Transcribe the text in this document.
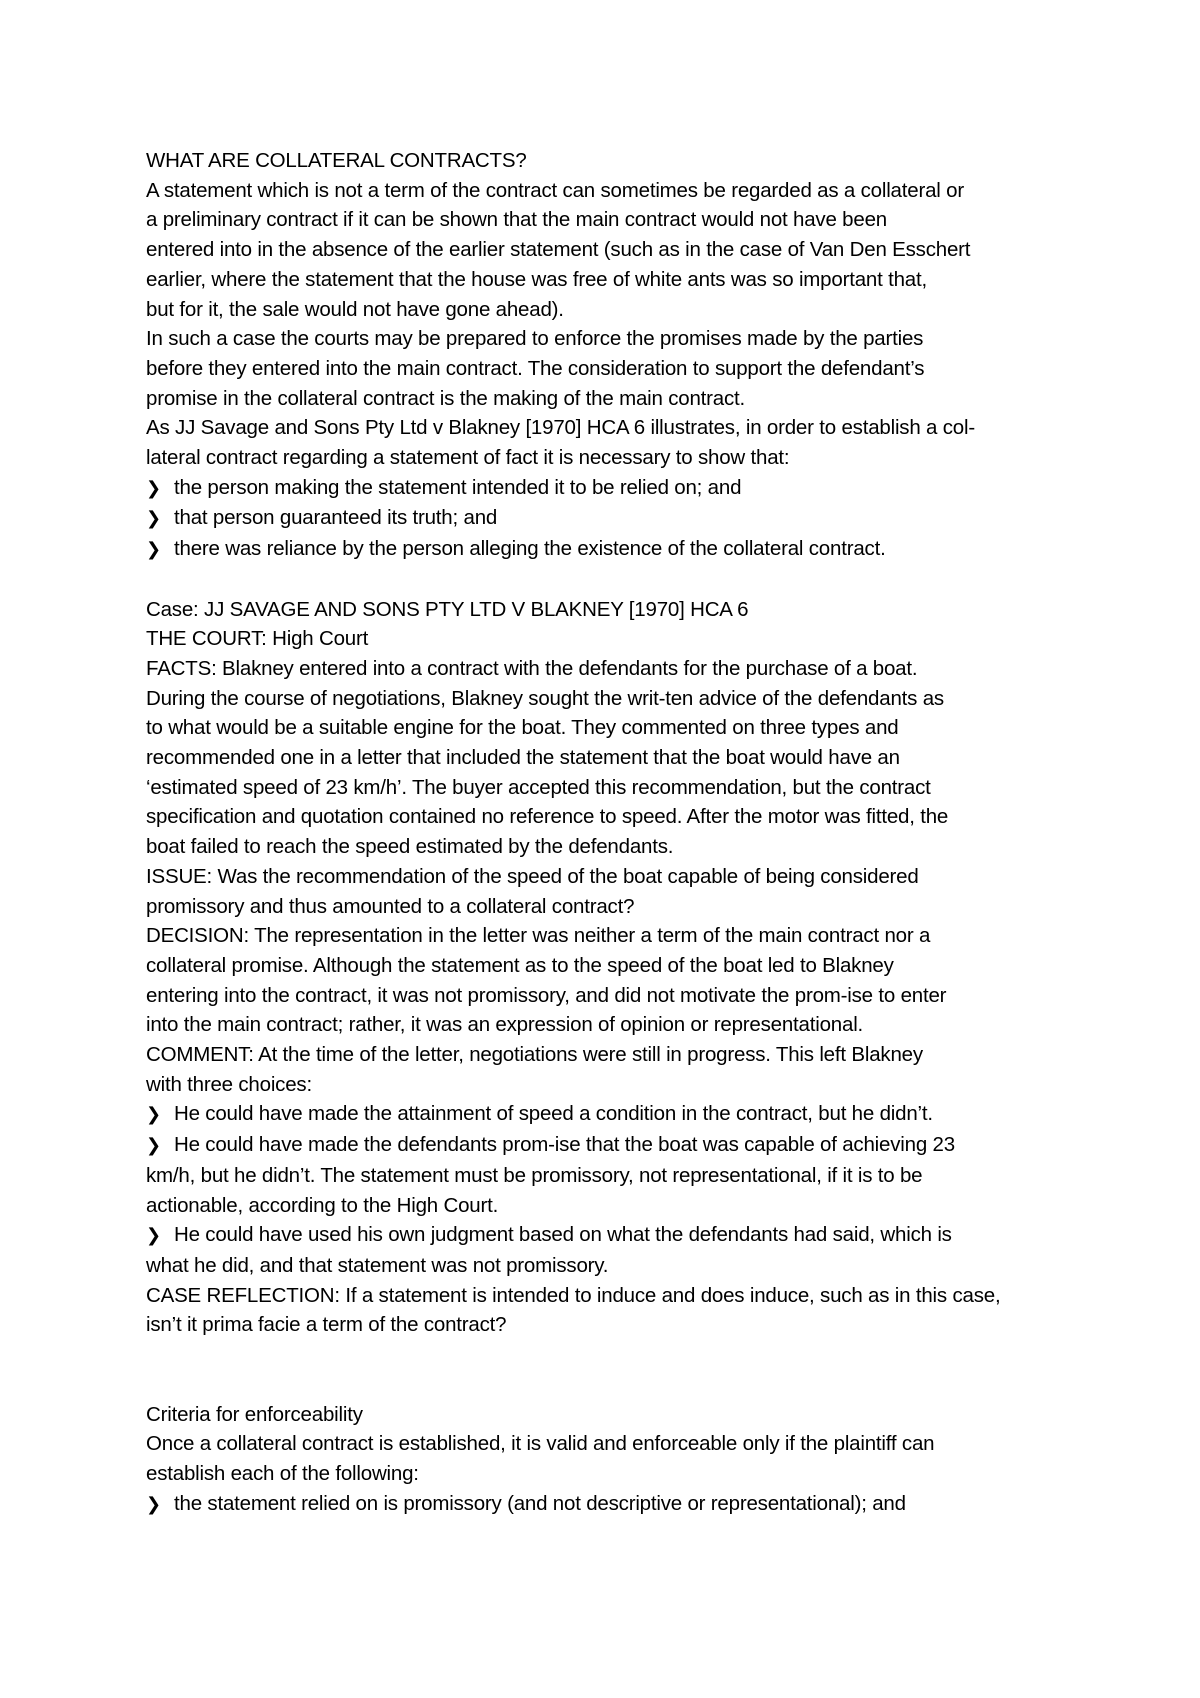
WHAT ARE COLLATERAL CONTRACTS?
A statement which is not a term of the contract can sometimes be regarded as a collateral or
a preliminary contract if it can be shown that the main contract would not have been
entered into in the absence of the earlier statement (such as in the case of Van Den Esschert
earlier, where the statement that the house was free of white ants was so important that,
but for it, the sale would not have gone ahead).
In such a case the courts may be prepared to enforce the promises made by the parties
before they entered into the main contract. The consideration to support the defendant’s
promise in the collateral contract is the making of the main contract.
As JJ Savage and Sons Pty Ltd v Blakney [1970] HCA 6 illustrates, in order to establish a col-
lateral contract regarding a statement of fact it is necessary to show that:
❯ the person making the statement intended it to be relied on; and
❯ that person guaranteed its truth; and
❯ there was reliance by the person alleging the existence of the collateral contract.
Case: JJ SAVAGE AND SONS PTY LTD V BLAKNEY [1970] HCA 6
THE COURT: High Court
FACTS: Blakney entered into a contract with the defendants for the purchase of a boat.
During the course of negotiations, Blakney sought the writ-ten advice of the defendants as
to what would be a suitable engine for the boat. They commented on three types and
recommended one in a letter that included the statement that the boat would have an
‘estimated speed of 23 km/h’. The buyer accepted this recommendation, but the contract
specification and quotation contained no reference to speed. After the motor was fitted, the
boat failed to reach the speed estimated by the defendants.
ISSUE: Was the recommendation of the speed of the boat capable of being considered
promissory and thus amounted to a collateral contract?
DECISION: The representation in the letter was neither a term of the main contract nor a
collateral promise. Although the statement as to the speed of the boat led to Blakney
entering into the contract, it was not promissory, and did not motivate the prom-ise to enter
into the main contract; rather, it was an expression of opinion or representational.
COMMENT: At the time of the letter, negotiations were still in progress. This left Blakney
with three choices:
❯ He could have made the attainment of speed a condition in the contract, but he didn’t.
❯ He could have made the defendants prom-ise that the boat was capable of achieving 23
km/h, but he didn’t. The statement must be promissory, not representational, if it is to be
actionable, according to the High Court.
❯ He could have used his own judgment based on what the defendants had said, which is
what he did, and that statement was not promissory.
CASE REFLECTION: If a statement is intended to induce and does induce, such as in this case,
isn’t it prima facie a term of the contract?
Criteria for enforceability
Once a collateral contract is established, it is valid and enforceable only if the plaintiff can
establish each of the following:
❯ the statement relied on is promissory (and not descriptive or representational); and
